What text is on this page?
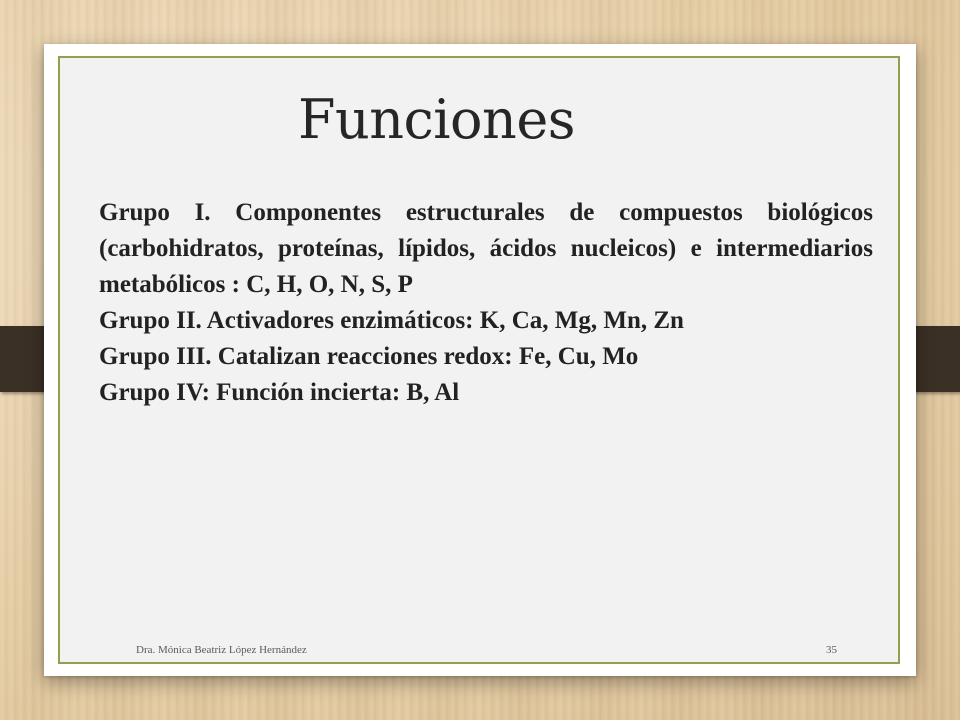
Funciones

Grupo I. Componentes estructurales de compuestos biológicos (carbohidratos, proteínas, lípidos, ácidos nucleicos) e intermediarios metabólicos : C, H, O, N, S, P

Grupo II. Activadores enzimáticos: K, Ca, Mg, Mn, Zn

Grupo III. Catalizan reacciones redox: Fe, Cu, Mo

Grupo IV: Función incierta: B, Al

Dra. Mónica Beatriz López Hernández	35
